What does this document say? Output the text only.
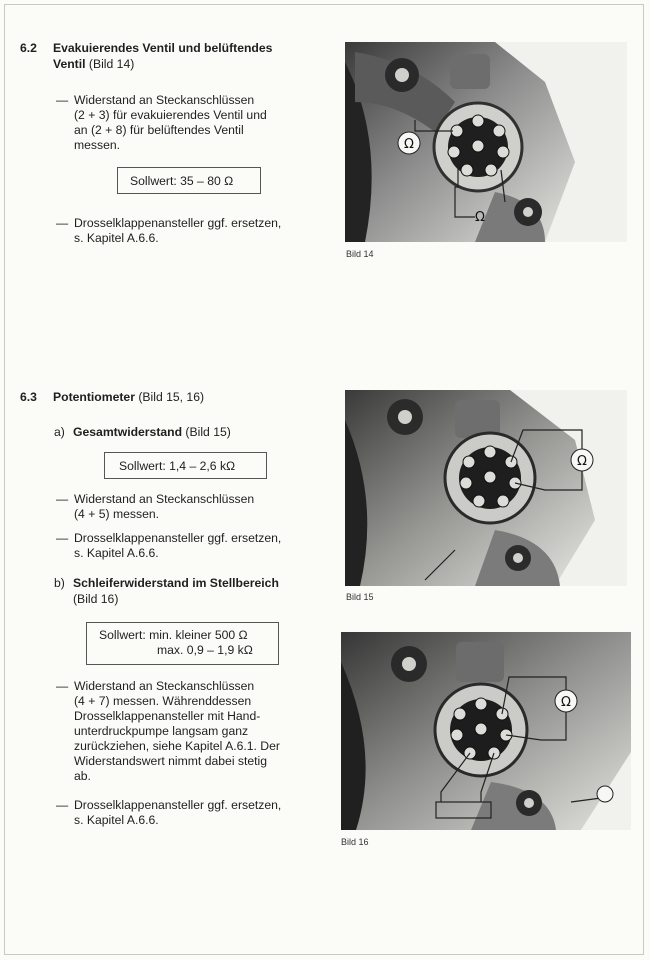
6.2 Evakuierendes Ventil und belüftendes
Ventil (Bild 14)
— Widerstand an Steckanschlüssen
(2 + 3) für evakuierendes Ventil und
an (2 + 8) für belüftendes Ventil
messen.
Sollwert: 35 – 80 Ω
— Drosselklappenansteller ggf. ersetzen,
s. Kapitel A.6.6.
Ω
Ω
Bild 14
6.3 Potentiometer (Bild 15, 16)
a) Gesamtwiderstand (Bild 15)
Sollwert: 1,4 – 2,6 kΩ
— Widerstand an Steckanschlüssen
(4 + 5) messen.
— Drosselklappenansteller ggf. ersetzen,
s. Kapitel A.6.6.
b) Schleiferwiderstand im Stellbereich
(Bild 16)
Sollwert: min. kleiner 500 Ω
max. 0,9 – 1,9 kΩ
— Widerstand an Steckanschlüssen
(4 + 7) messen. Währenddessen
Drosselklappenansteller mit Hand-
unterdruckpumpe langsam ganz
zurückziehen, siehe Kapitel A.6.1. Der
Widerstandswert nimmt dabei stetig
ab.
— Drosselklappenansteller ggf. ersetzen,
s. Kapitel A.6.6.
Ω
Bild 15
Ω
Bild 16
